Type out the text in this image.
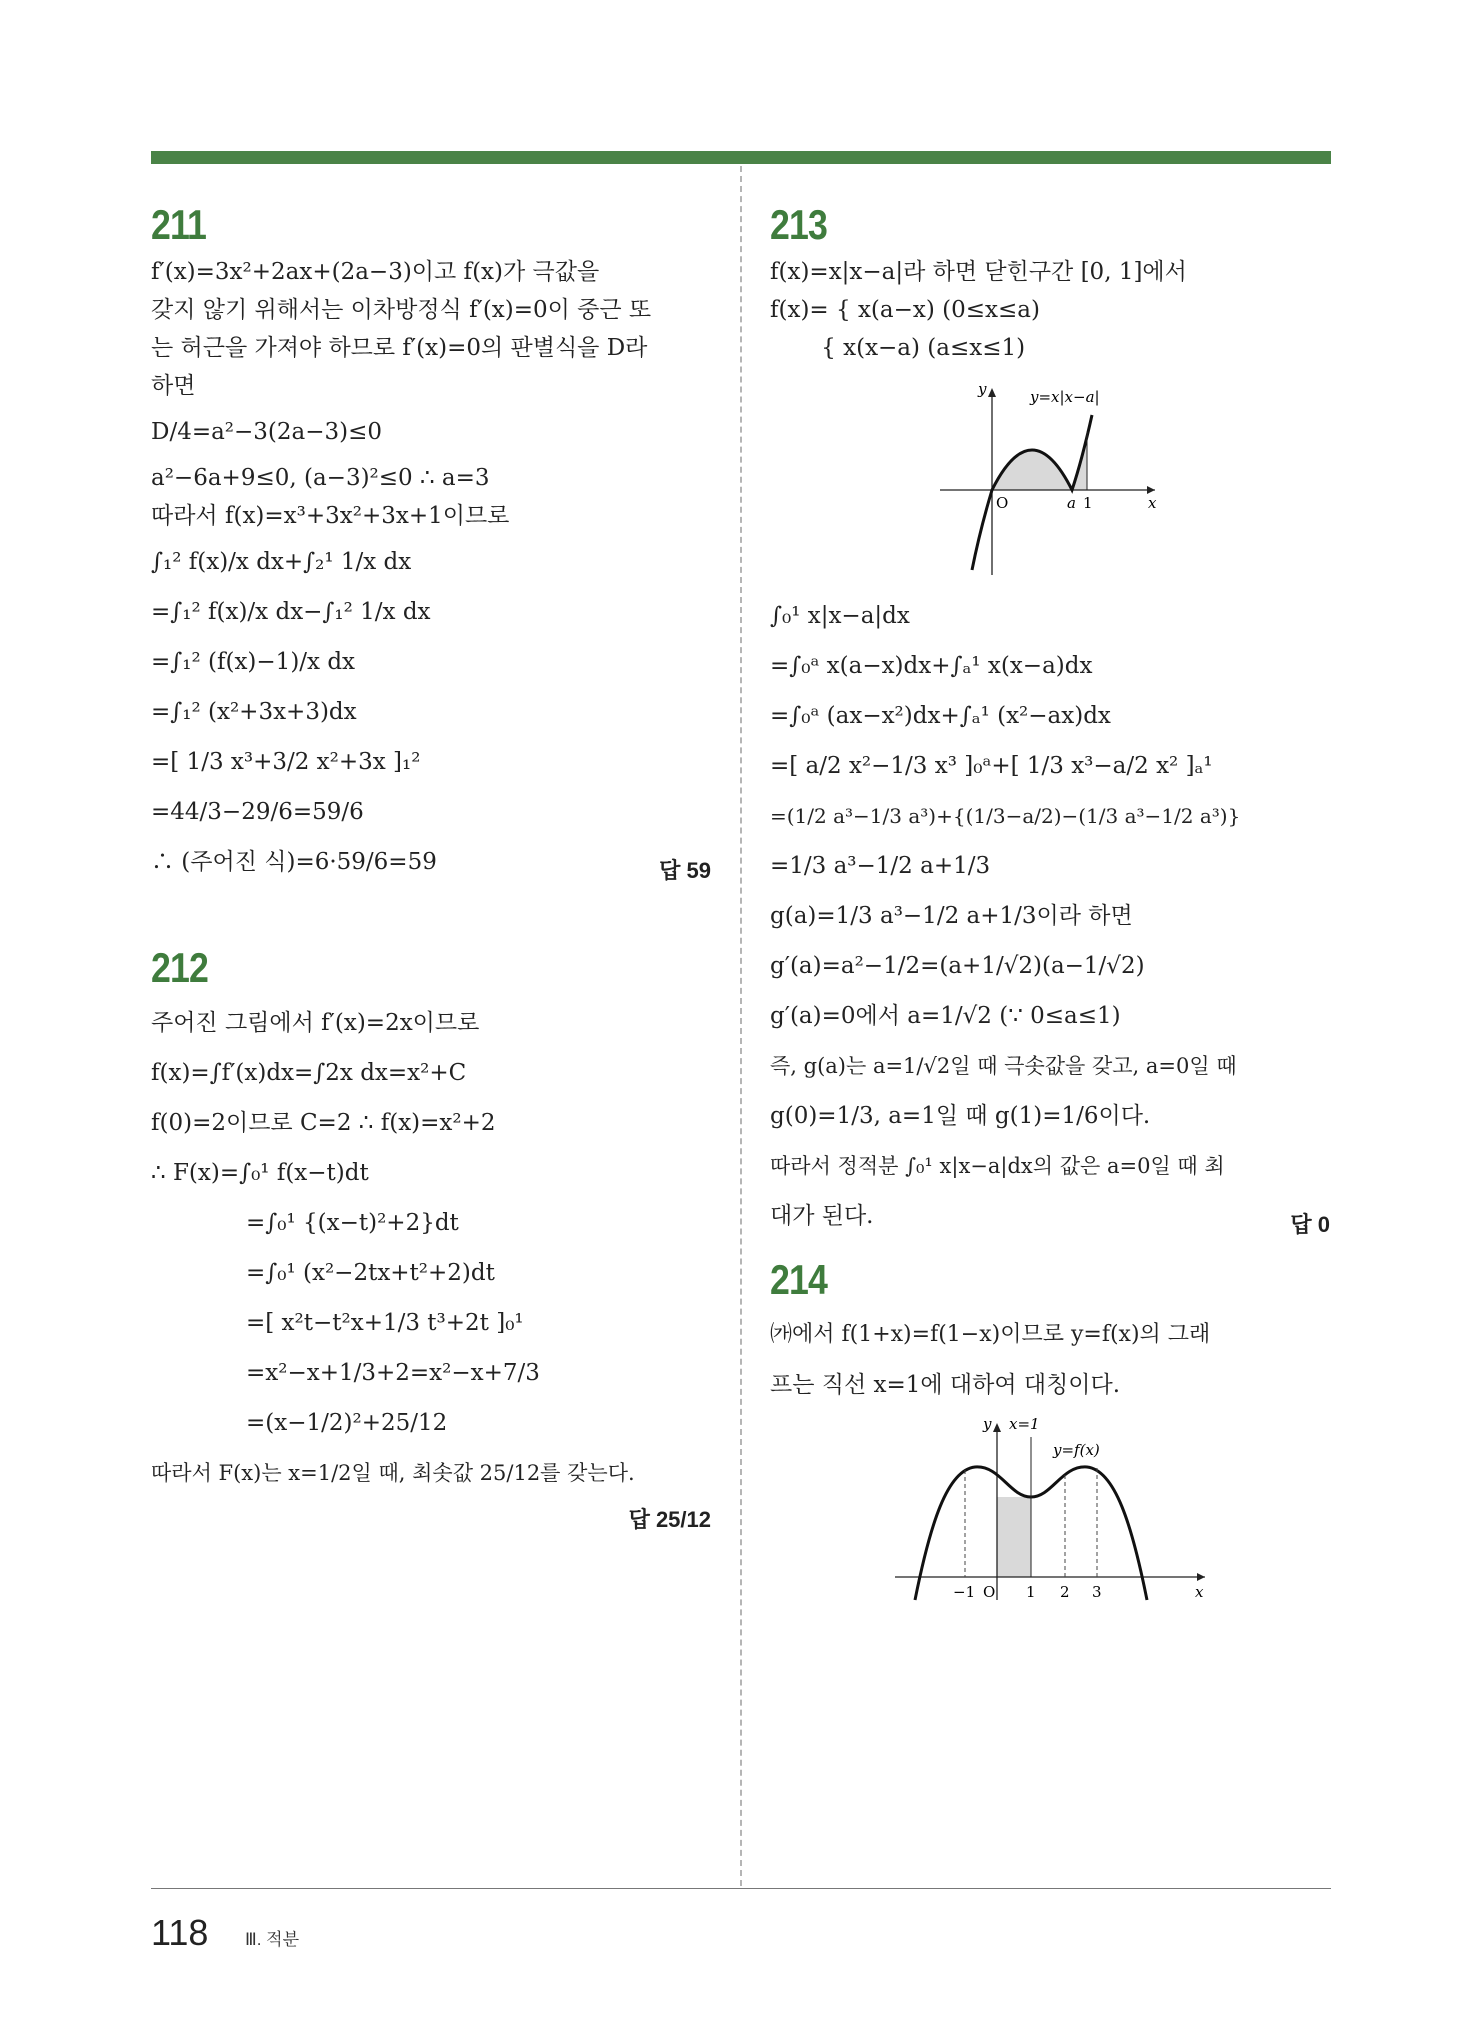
211
f′(x)=3x²+2ax+(2a−3)이고 f(x)가 극값을
갖지 않기 위해서는 이차방정식 f′(x)=0이 중근 또
는 허근을 가져야 하므로 f′(x)=0의 판별식을 D라
하면
D/4=a²−3(2a−3)≤0
a²−6a+9≤0, (a−3)²≤0 ∴ a=3
따라서 f(x)=x³+3x²+3x+1이므로
∫₁² f(x)/x dx+∫₂¹ 1/x dx
=∫₁² f(x)/x dx−∫₁² 1/x dx
=∫₁² (f(x)−1)/x dx
=∫₁² (x²+3x+3)dx
=[ 1/3 x³+3/2 x²+3x ]₁²
=44/3−29/6=59/6
∴ (주어진 식)=6·59/6=59	답 59
212
주어진 그림에서 f′(x)=2x이므로
f(x)=∫f′(x)dx=∫2x dx=x²+C
f(0)=2이므로 C=2 ∴ f(x)=x²+2
∴ F(x)=∫₀¹ f(x−t)dt
=∫₀¹ {(x−t)²+2}dt
=∫₀¹ (x²−2tx+t²+2)dt
=[ x²t−t²x+1/3 t³+2t ]₀¹
=x²−x+1/3+2=x²−x+7/3
=(x−1/2)²+25/12
따라서 F(x)는 x=1/2일 때, 최솟값 25/12를 갖는다.
답 25/12
213
f(x)=x|x−a|라 하면 닫힌구간 [0, 1]에서
f(x)= { x(a−x) (0≤x≤a)
{ x(x−a) (a≤x≤1)
y
x
O	a 1
y=x|x−a|
∫₀¹ x|x−a|dx
=∫₀ᵃ x(a−x)dx+∫ₐ¹ x(x−a)dx
=∫₀ᵃ (ax−x²)dx+∫ₐ¹ (x²−ax)dx
=[ a/2 x²−1/3 x³ ]₀ᵃ+[ 1/3 x³−a/2 x² ]ₐ¹
=(1/2 a³−1/3 a³)+{(1/3−a/2)−(1/3 a³−1/2 a³)}
=1/3 a³−1/2 a+1/3
g(a)=1/3 a³−1/2 a+1/3이라 하면
g′(a)=a²−1/2=(a+1/√2)(a−1/√2)
g′(a)=0에서 a=1/√2 (∵ 0≤a≤1)
즉, g(a)는 a=1/√2일 때 극솟값을 갖고, a=0일 때
g(0)=1/3, a=1일 때 g(1)=1/6이다.
따라서 정적분 ∫₀¹ x|x−a|dx의 값은 a=0일 때 최
대가 된다.	답 0
214
㈎에서 f(1+x)=f(1−x)이므로 y=f(x)의 그래
프는 직선 x=1에 대하여 대칭이다.
y x=1
y=f(x)
x
−1 O 1 2 3
118 Ⅲ. 적분
